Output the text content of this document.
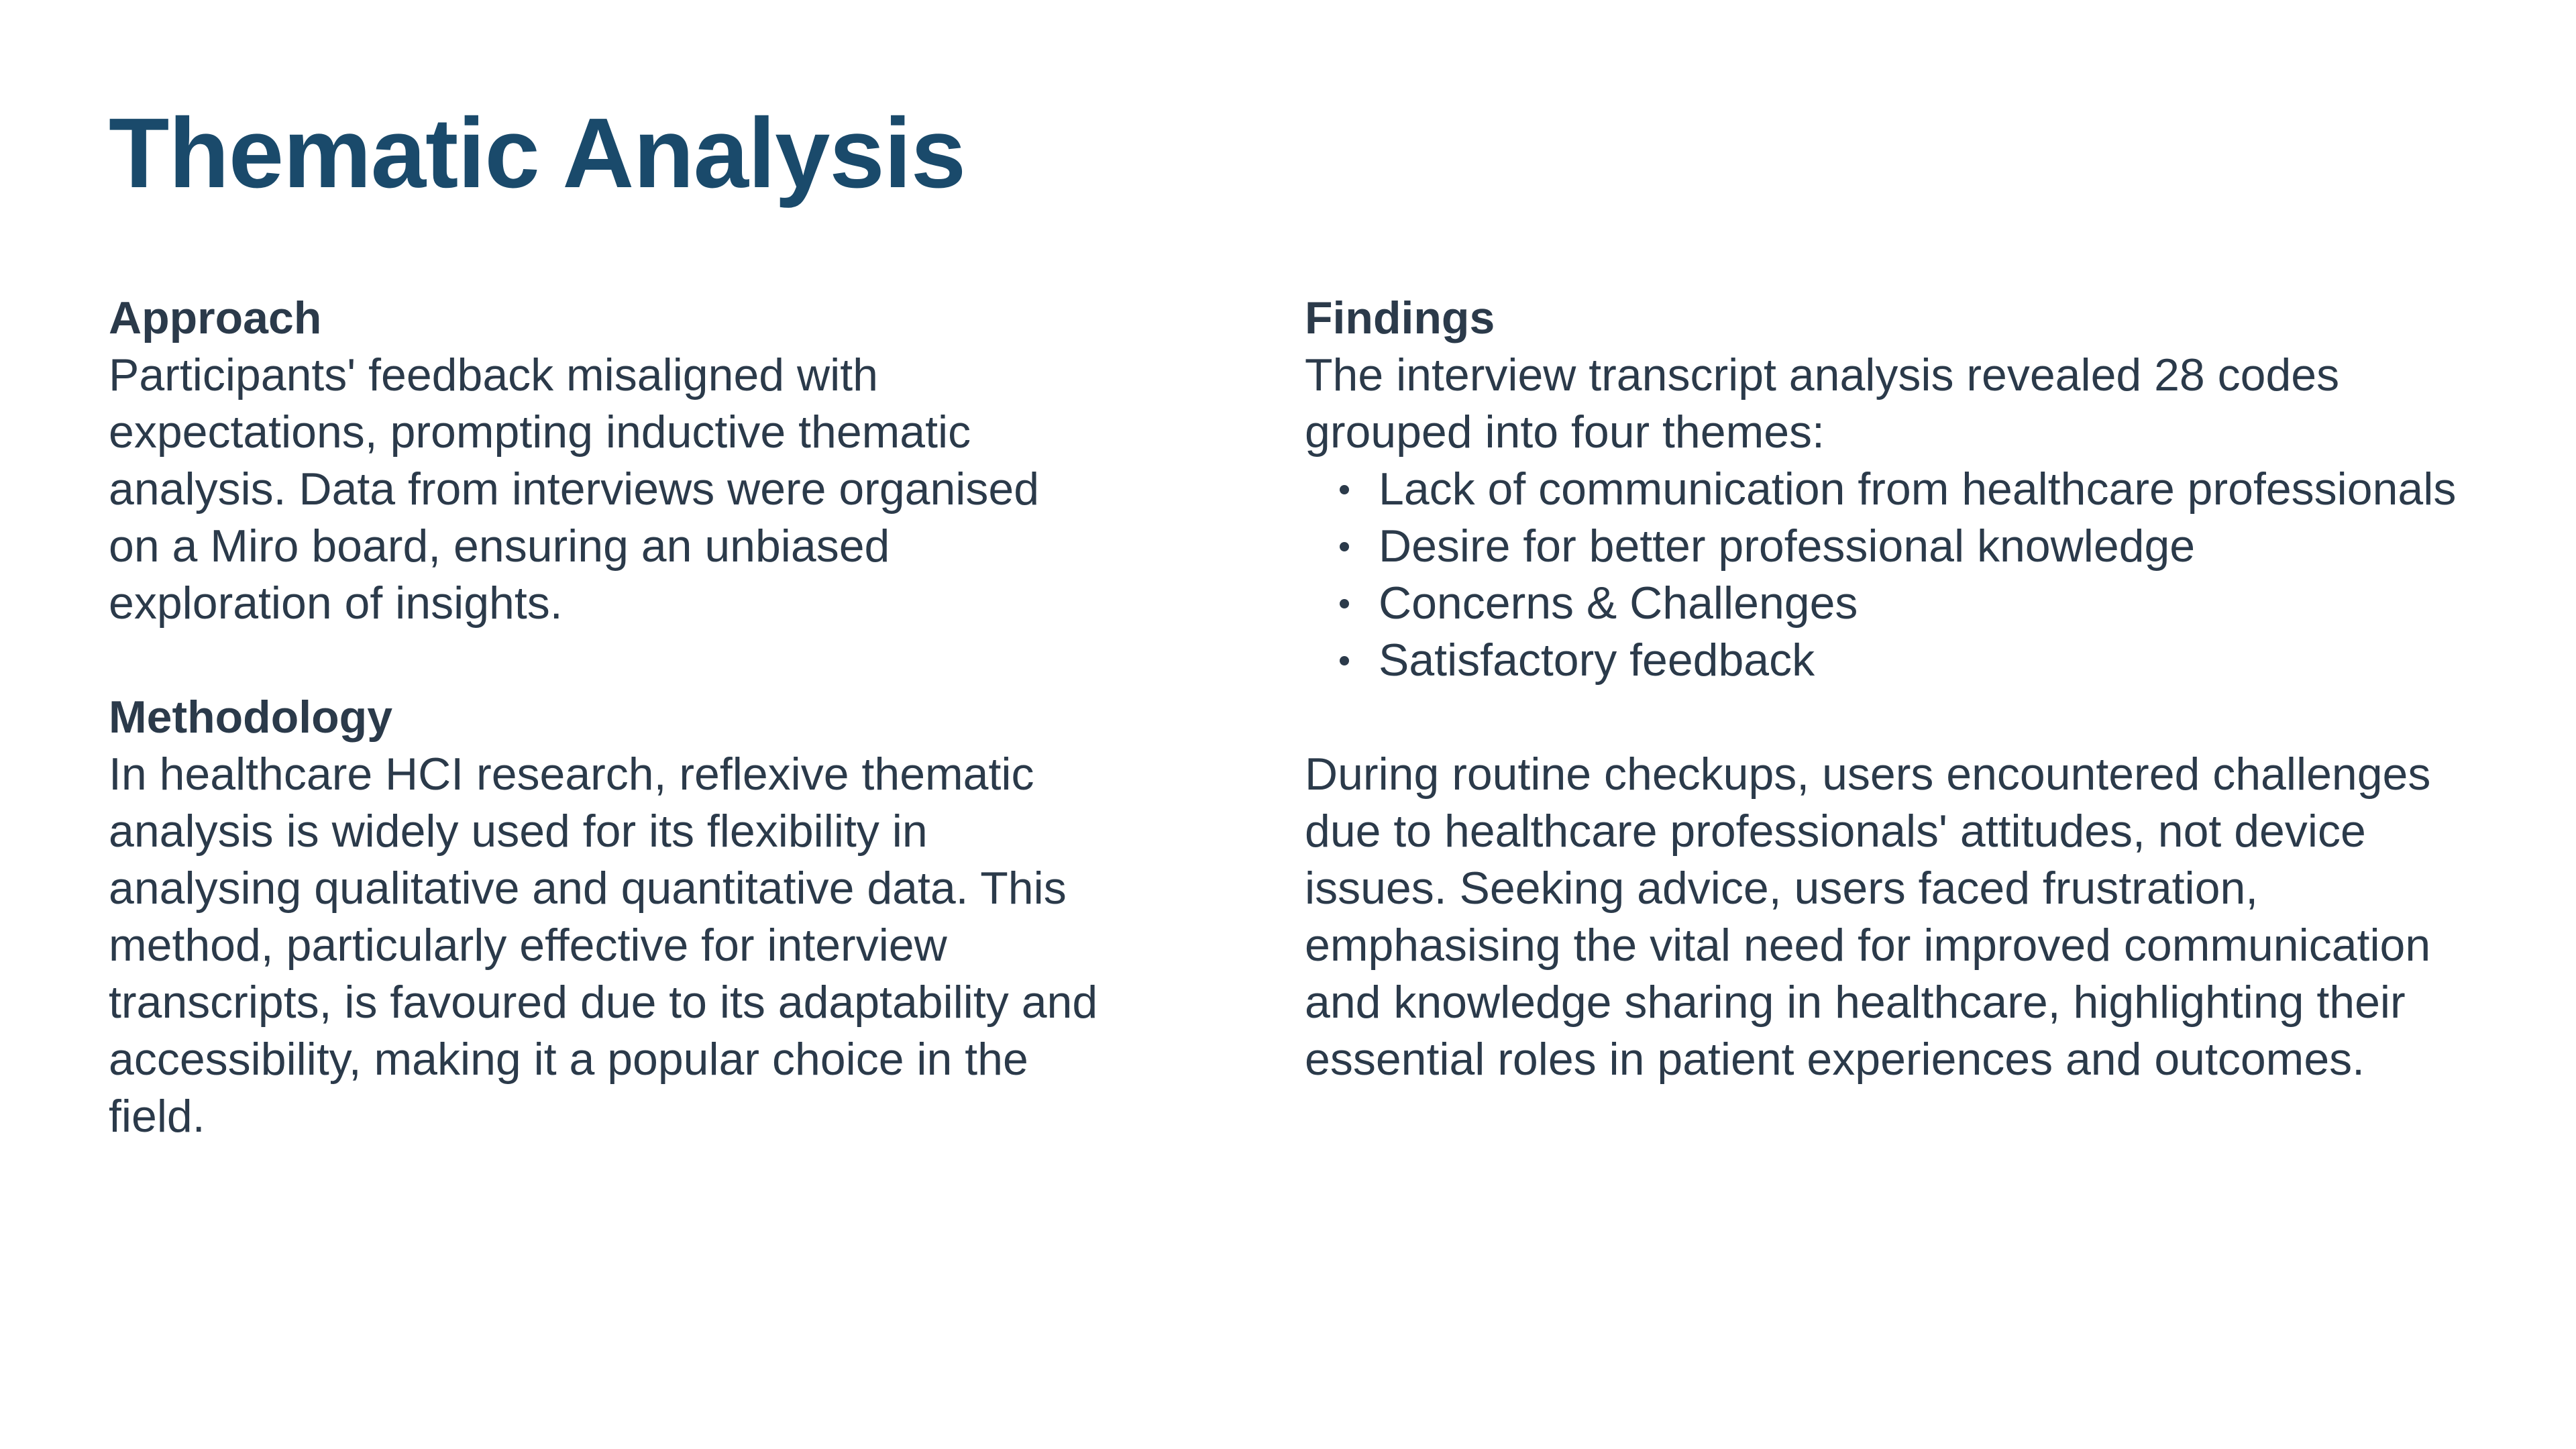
Thematic Analysis
Approach

Participants' feedback misaligned with expectations, prompting inductive thematic analysis. Data from interviews were organised on a Miro board, ensuring an unbiased exploration of insights.

Methodology

In healthcare HCI research, reflexive thematic analysis is widely used for its flexibility in analysing qualitative and quantitative data. This method, particularly effective for interview transcripts, is favoured due to its adaptability and accessibility, making it a popular choice in the field.

Findings

The interview transcript analysis revealed 28 codes grouped into four themes:

Lack of communication from healthcare professionals
Desire for better professional knowledge
Concerns & Challenges
Satisfactory feedback

During routine checkups, users encountered challenges due to healthcare professionals' attitudes, not device issues. Seeking advice, users faced frustration, emphasising the vital need for improved communication and knowledge sharing in healthcare, highlighting their essential roles in patient experiences and outcomes.
